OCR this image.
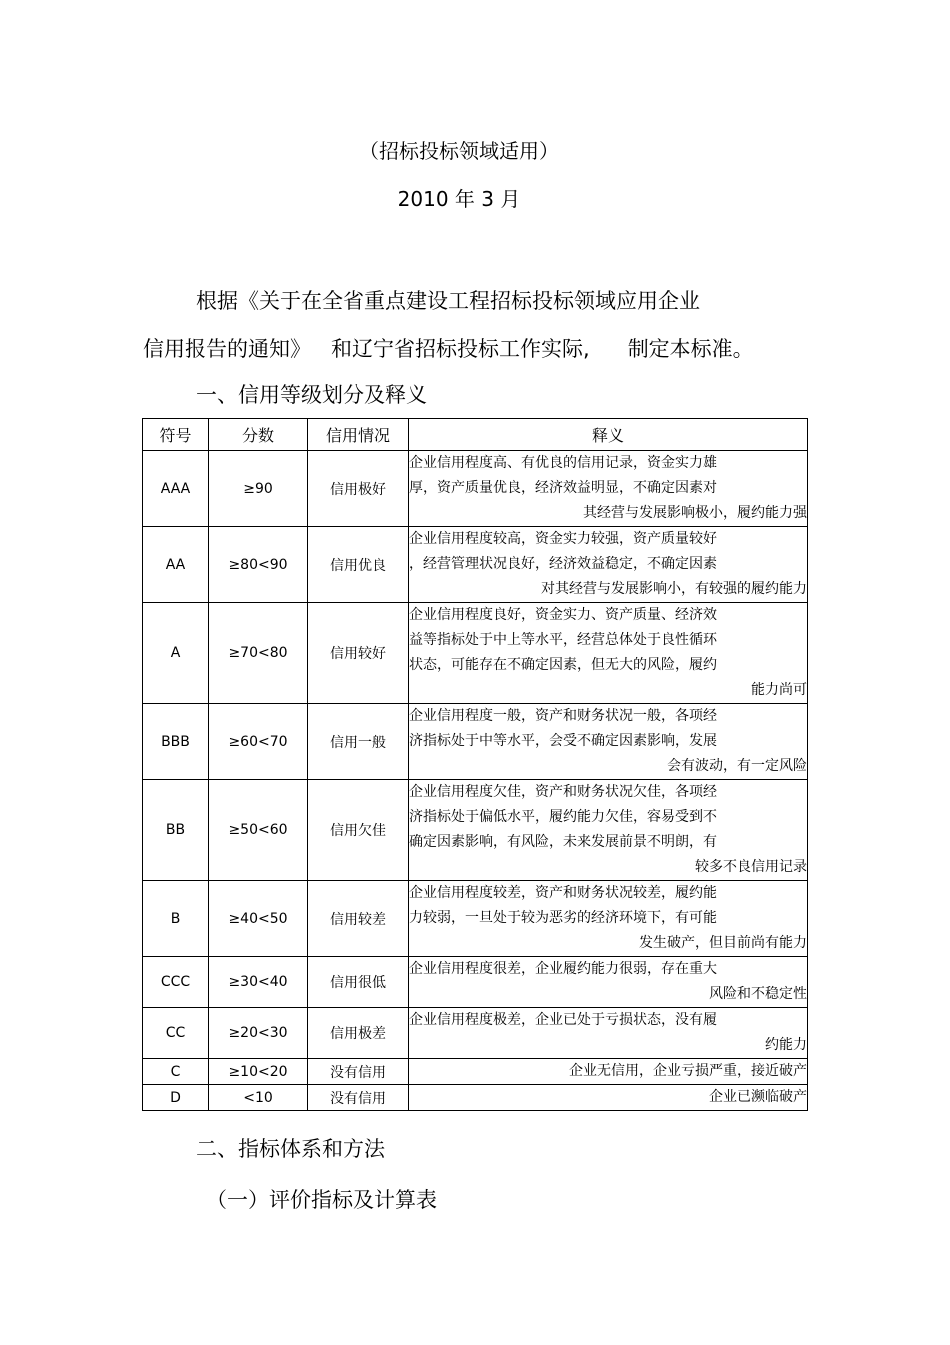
（招标投标领域适用）
2010 年 3 月
根据《关于在全省重点建设工程招标投标领域应用企业
信用报告的通知》 和辽宁省招标投标工作实际, 制定本标准。
一、信用等级划分及释义
符号	分数	信用情况	释义
AAA	≥90	信用极好	企业信用程度高、有优良的信用记录，资金实力雄
厚，资产质量优良，经济效益明显，不确定因素对
其经营与发展影响极小，履约能力强

AA	≥80<90	信用优良	企业信用程度较高，资金实力较强，资产质量较好
，经营管理状况良好，经济效益稳定，不确定因素
对其经营与发展影响小，有较强的履约能力

A	≥70<80	信用较好	企业信用程度良好，资金实力、资产质量、经济效
益等指标处于中上等水平，经营总体处于良性循环
状态，可能存在不确定因素，但无大的风险，履约
能力尚可

BBB	≥60<70	信用一般	企业信用程度一般，资产和财务状况一般，各项经
济指标处于中等水平，会受不确定因素影响，发展
会有波动，有一定风险

BB	≥50<60	信用欠佳	企业信用程度欠佳，资产和财务状况欠佳，各项经
济指标处于偏低水平，履约能力欠佳，容易受到不
确定因素影响，有风险，未来发展前景不明朗，有
较多不良信用记录

B	≥40<50	信用较差	企业信用程度较差，资产和财务状况较差，履约能
力较弱，一旦处于较为恶劣的经济环境下，有可能
发生破产，但目前尚有能力

CCC	≥30<40	信用很低	企业信用程度很差，企业履约能力很弱，存在重大
风险和不稳定性

CC	≥20<30	信用极差	企业信用程度极差，企业已处于亏损状态，没有履
约能力

C	≥10<20	没有信用	企业无信用，企业亏损严重，接近破产

D	<10	没有信用	企业已濒临破产
二、指标体系和方法
（一）评价指标及计算表
